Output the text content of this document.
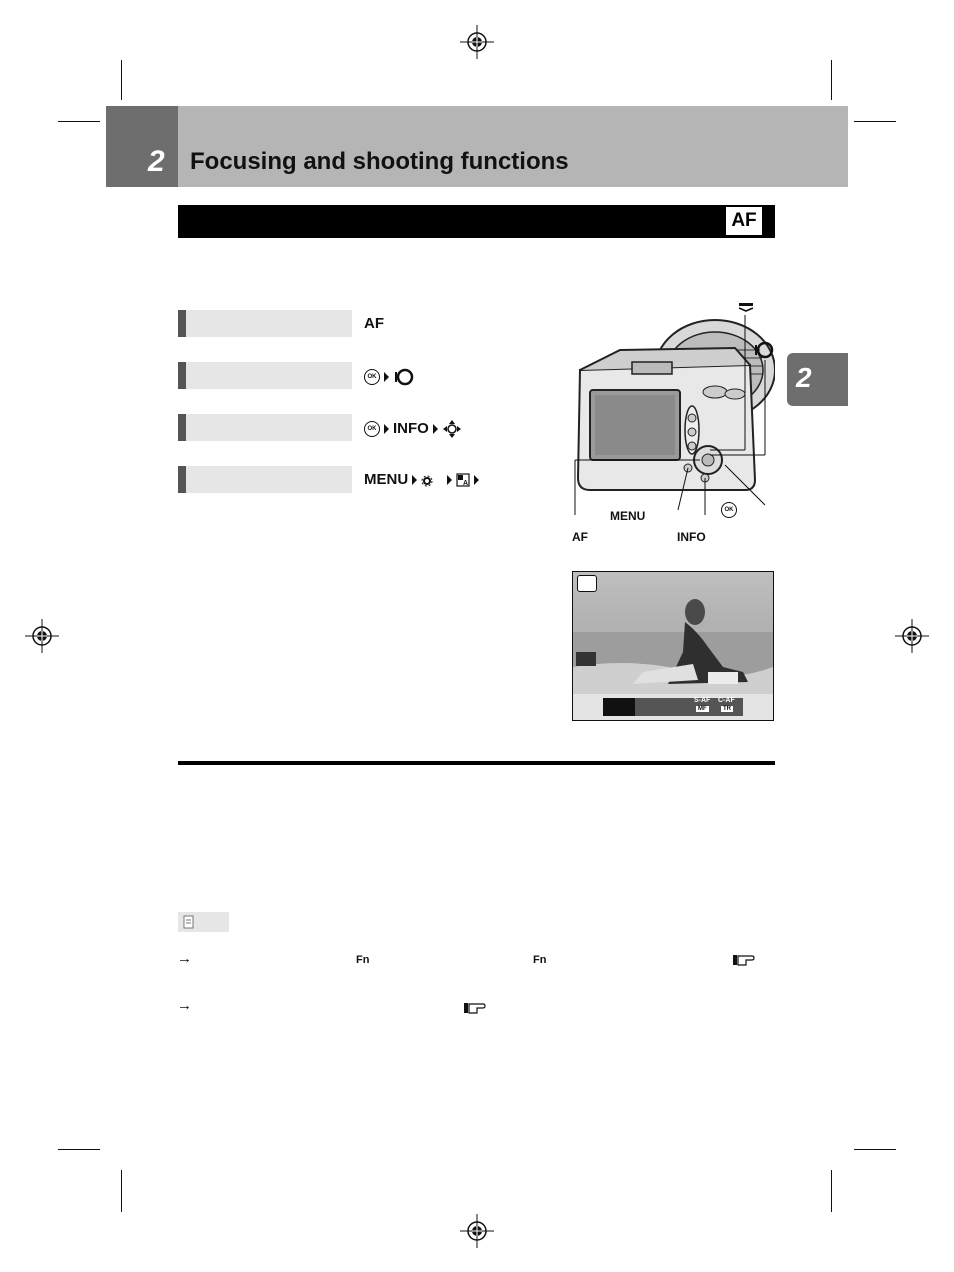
2 Focusing and shooting functions
AF
2
AF
OK
OK INFO
MENU	A
MENU
AF	INFO
OK
S-AF
MF
C-AF
TR
→	Fn	Fn
→
